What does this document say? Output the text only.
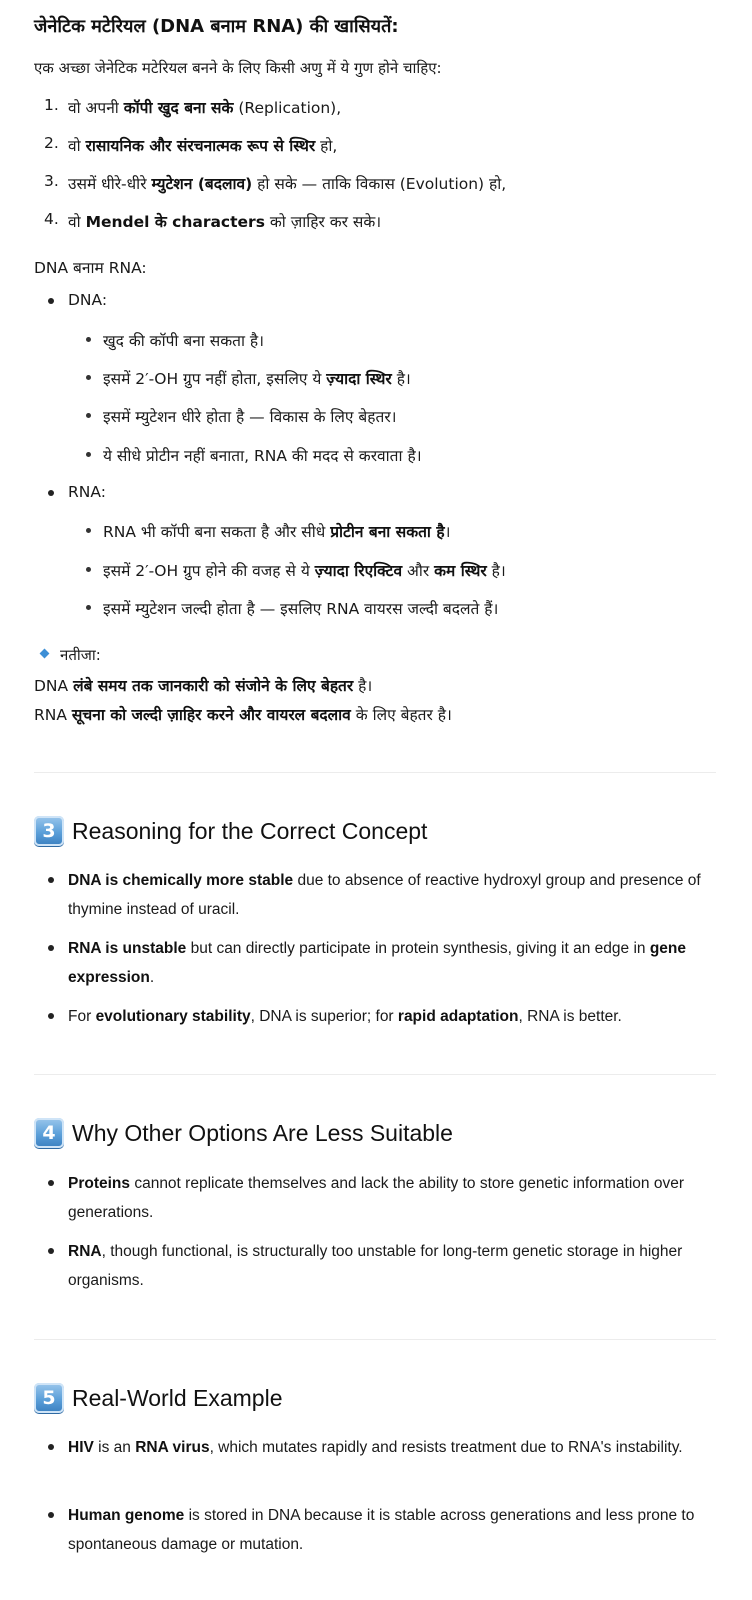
जेनेटिक मटेरियल (DNA बनाम RNA) की खासियतें:
एक अच्छा जेनेटिक मटेरियल बनने के लिए किसी अणु में ये गुण होने चाहिए:
1. वो अपनी कॉपी खुद बना सके (Replication),
2. वो रासायनिक और संरचनात्मक रूप से स्थिर हो,
3. उसमें धीरे-धीरे म्युटेशन (बदलाव) हो सके — ताकि विकास (Evolution) हो,
4. वो Mendel के characters को ज़ाहिर कर सके।
DNA बनाम RNA:
DNA:
खुद की कॉपी बना सकता है।
इसमें 2′-OH ग्रुप नहीं होता, इसलिए ये ज़्यादा स्थिर है।
इसमें म्युटेशन धीरे होता है — विकास के लिए बेहतर।
ये सीधे प्रोटीन नहीं बनाता, RNA की मदद से करवाता है।
RNA:
RNA भी कॉपी बना सकता है और सीधे प्रोटीन बना सकता है।
इसमें 2′-OH ग्रुप होने की वजह से ये ज़्यादा रिएक्टिव और कम स्थिर है।
इसमें म्युटेशन जल्दी होता है — इसलिए RNA वायरस जल्दी बदलते हैं।
नतीजा:
DNA लंबे समय तक जानकारी को संजोने के लिए बेहतर है।
RNA सूचना को जल्दी ज़ाहिर करने और वायरल बदलाव के लिए बेहतर है।
3 Reasoning for the Correct Concept
DNA is chemically more stable due to absence of reactive hydroxyl group and presence of thymine instead of uracil.
RNA is unstable but can directly participate in protein synthesis, giving it an edge in gene expression.
For evolutionary stability, DNA is superior; for rapid adaptation, RNA is better.
4 Why Other Options Are Less Suitable
Proteins cannot replicate themselves and lack the ability to store genetic information over generations.
RNA, though functional, is structurally too unstable for long-term genetic storage in higher organisms.
5 Real-World Example
HIV is an RNA virus, which mutates rapidly and resists treatment due to RNA's instability.
Human genome is stored in DNA because it is stable across generations and less prone to spontaneous damage or mutation.
